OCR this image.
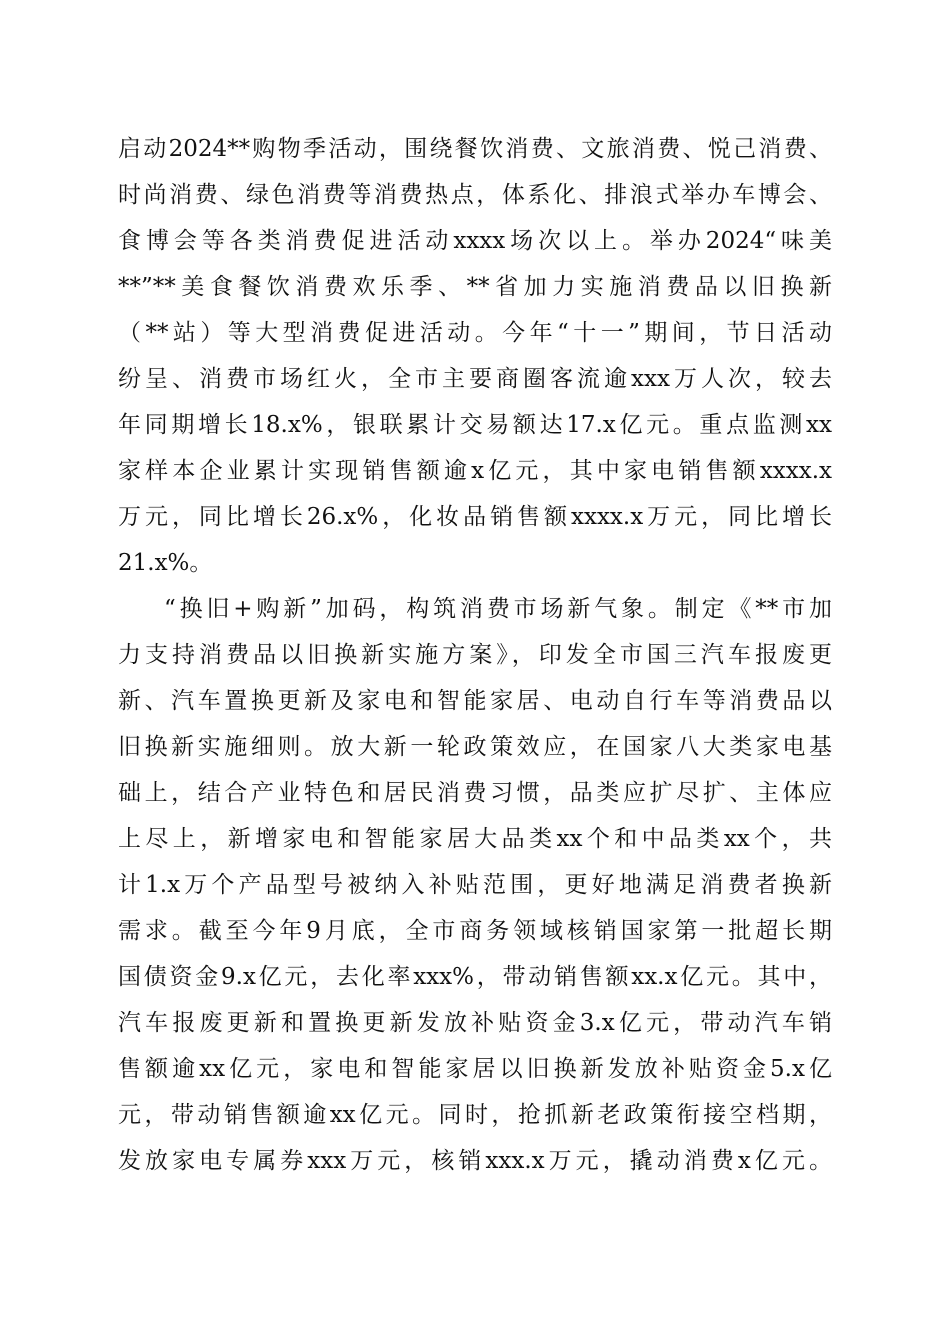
启动2024**购物季活动，围绕餐饮消费、文旅消费、悦己消费、
时尚消费、绿色消费等消费热点，体系化、排浪式举办车博会、
食博会等各类消费促进活动xxxx场次以上。举办2024“味美
**”**美食餐饮消费欢乐季、**省加力实施消费品以旧换新
（**站）等大型消费促进活动。今年“十一”期间，节日活动
纷呈、消费市场红火，全市主要商圈客流逾xxx万人次，较去
年同期增长18.x%，银联累计交易额达17.x亿元。重点监测xx
家样本企业累计实现销售额逾x亿元，其中家电销售额xxxx.x
万元，同比增长26.x%，化妆品销售额xxxx.x万元，同比增长
21.x%。
“换旧+购新”加码，构筑消费市场新气象。制定《**市加
力支持消费品以旧换新实施方案》，印发全市国三汽车报废更
新、汽车置换更新及家电和智能家居、电动自行车等消费品以
旧换新实施细则。放大新一轮政策效应，在国家八大类家电基
础上，结合产业特色和居民消费习惯，品类应扩尽扩、主体应
上尽上，新增家电和智能家居大品类xx个和中品类xx个，共
计1.x万个产品型号被纳入补贴范围，更好地满足消费者换新
需求。截至今年9月底，全市商务领域核销国家第一批超长期
国债资金9.x亿元，去化率xxx%，带动销售额xx.x亿元。其中，
汽车报废更新和置换更新发放补贴资金3.x亿元，带动汽车销
售额逾xx亿元，家电和智能家居以旧换新发放补贴资金5.x亿
元，带动销售额逾xx亿元。同时，抢抓新老政策衔接空档期，
发放家电专属券xxx万元，核销xxx.x万元，撬动消费x亿元。
